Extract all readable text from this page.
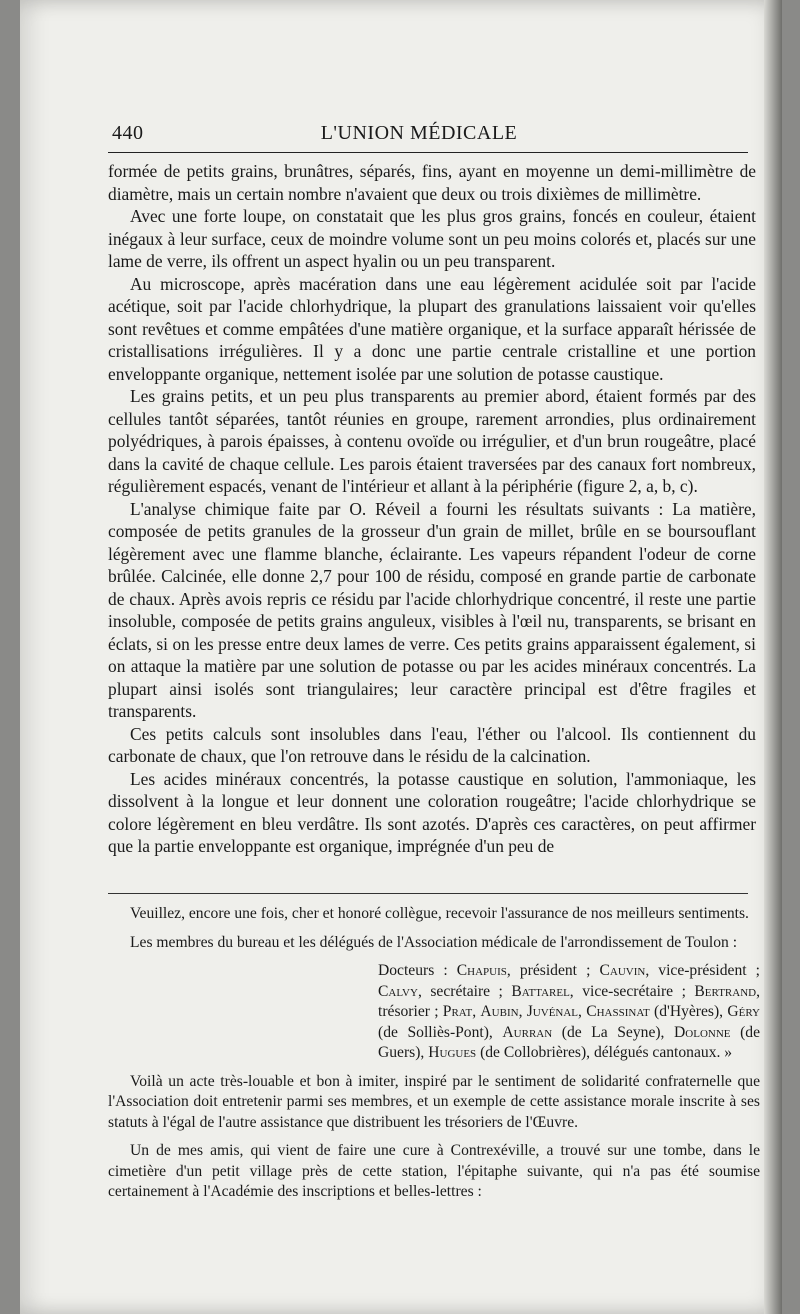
440	L'UNION MÉDICALE

formée de petits grains, brunâtres, séparés, fins, ayant en moyenne un demi-millimètre de diamètre, mais un certain nombre n'avaient que deux ou trois dixièmes de millimètre.

Avec une forte loupe, on constatait que les plus gros grains, foncés en couleur, étaient inégaux à leur surface, ceux de moindre volume sont un peu moins colorés et, placés sur une lame de verre, ils offrent un aspect hyalin ou un peu transparent.

Au microscope, après macération dans une eau légèrement acidulée soit par l'acide acétique, soit par l'acide chlorhydrique, la plupart des granulations laissaient voir qu'elles sont revêtues et comme empâtées d'une matière organique, et la surface apparaît hérissée de cristallisations irrégulières. Il y a donc une partie centrale cristalline et une portion enveloppante organique, nettement isolée par une solution de potasse caustique.

Les grains petits, et un peu plus transparents au premier abord, étaient formés par des cellules tantôt séparées, tantôt réunies en groupe, rarement arrondies, plus ordinairement polyédriques, à parois épaisses, à contenu ovoïde ou irrégulier, et d'un brun rougeâtre, placé dans la cavité de chaque cellule. Les parois étaient traversées par des canaux fort nombreux, régulièrement espacés, venant de l'intérieur et allant à la périphérie (figure 2, a, b, c).

L'analyse chimique faite par O. Réveil a fourni les résultats suivants : La matière, composée de petits granules de la grosseur d'un grain de millet, brûle en se boursouflant légèrement avec une flamme blanche, éclairante. Les vapeurs répandent l'odeur de corne brûlée. Calcinée, elle donne 2,7 pour 100 de résidu, composé en grande partie de carbonate de chaux. Après avois repris ce résidu par l'acide chlorhydrique concentré, il reste une partie insoluble, composée de petits grains anguleux, visibles à l'œil nu, transparents, se brisant en éclats, si on les presse entre deux lames de verre. Ces petits grains apparaissent également, si on attaque la matière par une solution de potasse ou par les acides minéraux concentrés. La plupart ainsi isolés sont triangulaires; leur caractère principal est d'être fragiles et transparents.

Ces petits calculs sont insolubles dans l'eau, l'éther ou l'alcool. Ils contiennent du carbonate de chaux, que l'on retrouve dans le résidu de la calcination.

Les acides minéraux concentrés, la potasse caustique en solution, l'ammoniaque, les dissolvent à la longue et leur donnent une coloration rougeâtre; l'acide chlorhydrique se colore légèrement en bleu verdâtre. Ils sont azotés. D'après ces caractères, on peut affirmer que la partie enveloppante est organique, imprégnée d'un peu de

Veuillez, encore une fois, cher et honoré collègue, recevoir l'assurance de nos meilleurs sentiments.

Les membres du bureau et les délégués de l'Association médicale de l'arrondissement de Toulon :

Docteurs : Chapuis, président ; Cauvin, vice-président ; Calvy, secrétaire ; Battarel, vice-secrétaire ; Bertrand, trésorier ; Prat, Aubin, Juvénal, Chassinat (d'Hyères), Géry (de Solliès-Pont), Aurran (de La Seyne), Dolonne (de Guers), Hugues (de Collobrières), délégués cantonaux. »

Voilà un acte très-louable et bon à imiter, inspiré par le sentiment de solidarité confraternelle que l'Association doit entretenir parmi ses membres, et un exemple de cette assistance morale inscrite à ses statuts à l'égal de l'autre assistance que distribuent les trésoriers de l'Œuvre.

Un de mes amis, qui vient de faire une cure à Contrexéville, a trouvé sur une tombe, dans le cimetière d'un petit village près de cette station, l'épitaphe suivante, qui n'a pas été soumise certainement à l'Académie des inscriptions et belles-lettres :
